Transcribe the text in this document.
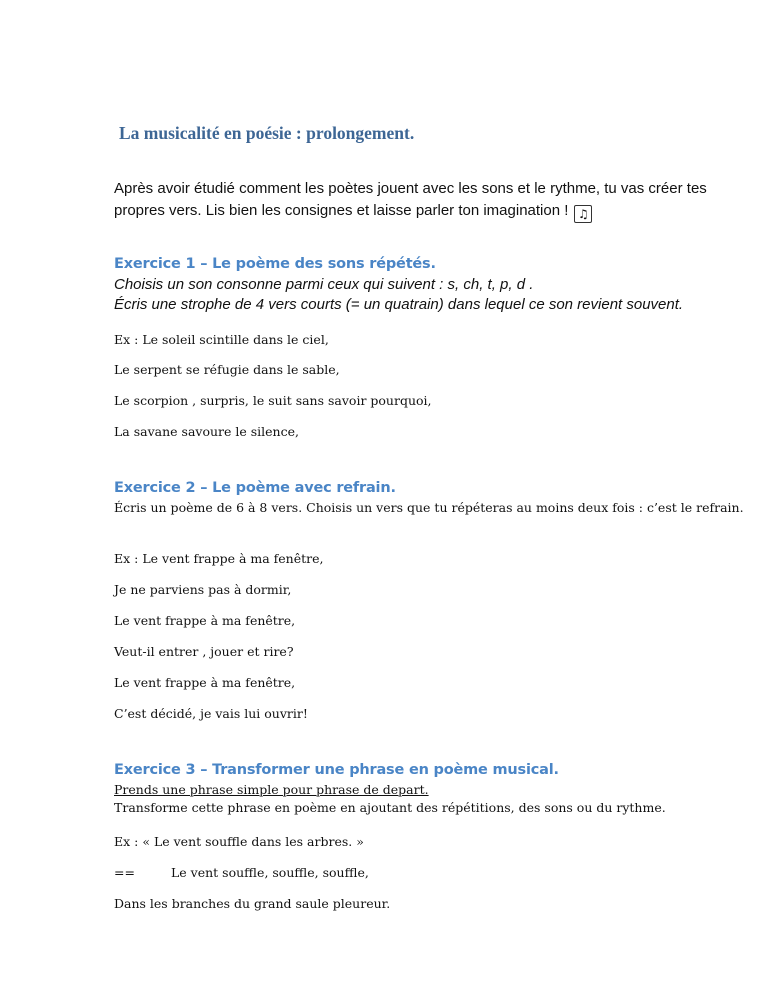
La musicalité en poésie : prolongement.
Après avoir étudié comment les poètes jouent avec les sons et le rythme, tu vas créer tes
propres vers. Lis bien les consignes et laisse parler ton imagination ! ♫
Exercice 1 – Le poème des sons répétés.
Choisis un son consonne parmi ceux qui suivent : s, ch, t, p, d .
Écris une strophe de 4 vers courts (= un quatrain) dans lequel ce son revient souvent.
Ex : Le soleil scintille dans le ciel,
Le serpent se réfugie dans le sable,
Le scorpion , surpris, le suit sans savoir pourquoi,
La savane savoure le silence,
Exercice 2 – Le poème avec refrain.
Écris un poème de 6 à 8 vers. Choisis un vers que tu répéteras au moins deux fois : c’est le refrain.
Ex : Le vent frappe à ma fenêtre,
Je ne parviens pas à dormir,
Le vent frappe à ma fenêtre,
Veut-il entrer , jouer et rire?
Le vent frappe à ma fenêtre,
C’est décidé, je vais lui ouvrir!
Exercice 3 – Transformer une phrase en poème musical.
Prends une phrase simple pour phrase de depart.
Transforme cette phrase en poème en ajoutant des répétitions, des sons ou du rythme.
Ex : « Le vent souffle dans les arbres. »
==	Le vent souffle, souffle, souffle,
Dans les branches du grand saule pleureur.
